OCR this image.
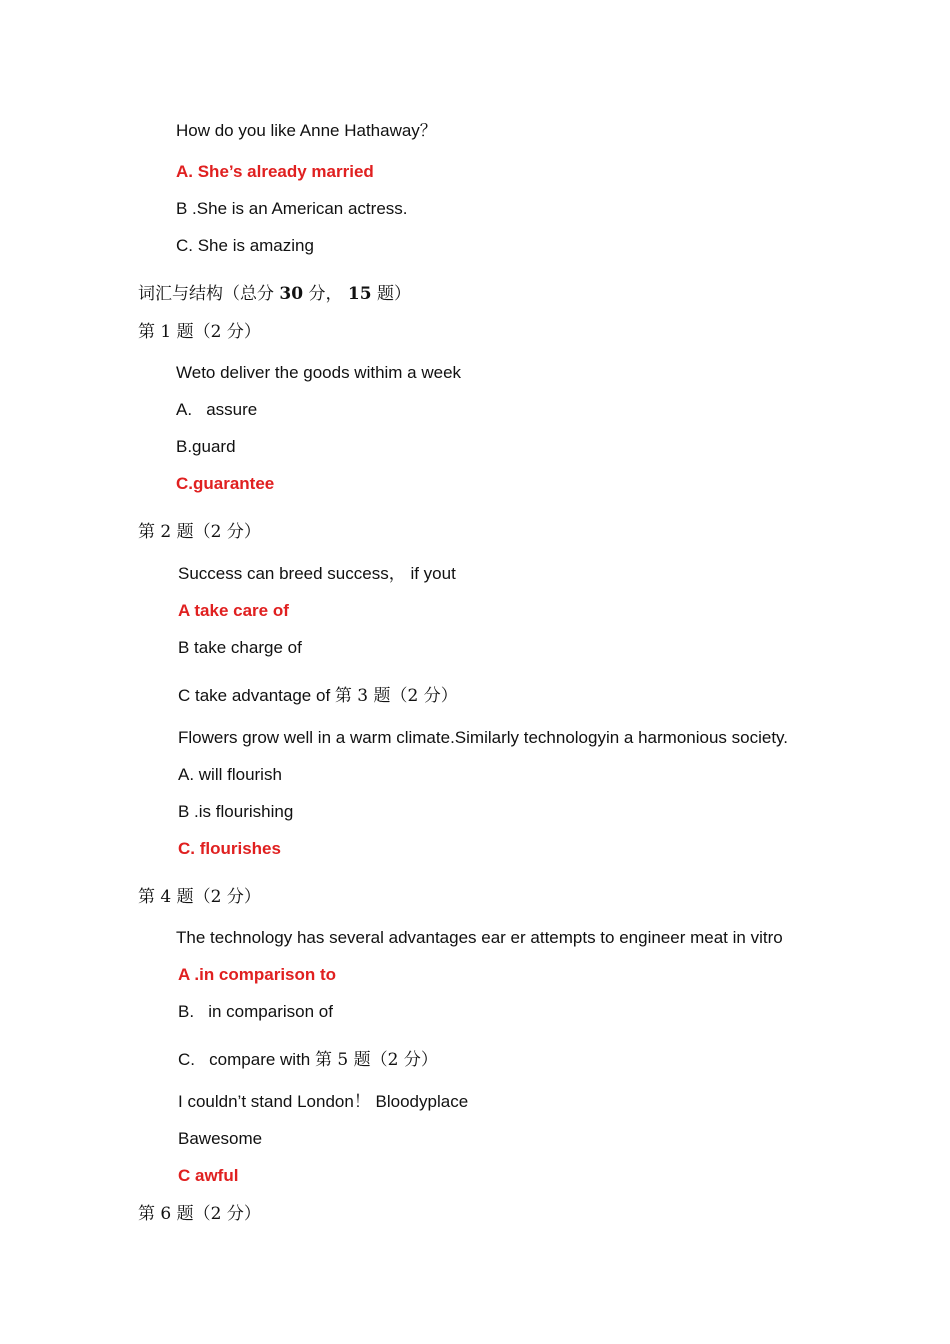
How do you like Anne Hathaway？
A. She’s already married
B .She is an American actress.
C. She is amazing
词汇与结构（总分 30 分， 15 题）
第 1 题（2 分）
Weto deliver the goods withim a week
A.   assure
B.guard
C.guarantee
第 2 题（2 分）
Success can breed success， if yout
A take care of
B take charge of
C take advantage of 第 3 题（2 分）
Flowers grow well in a warm climate.Similarly technologyin a harmonious society.
A. will flourish
B .is flourishing
C. flourishes
第 4 题（2 分）
The technology has several advantages ear er attempts to engineer meat in vitro
A .in comparison to
B.   in comparison of
C.   compare with 第 5 题（2 分）
I couldn’t stand London！ Bloodyplace
Bawesome
C awful
第 6 题（2 分）
